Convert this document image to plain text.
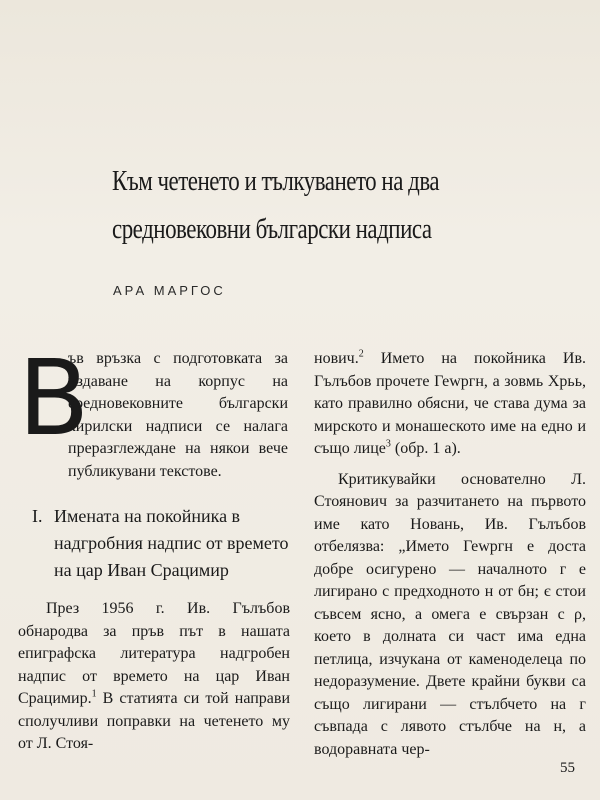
Към четенето и тълкуването на два
средновековни български надписа
АРА МАРГОС
В

ъв връзка с подготовката за издаване на корпус на средновековните български кирилски надписи се налага преразглеждане на някои вече публикувани текстове.

I. Имената на покойника в надгробния надпис от времето на цар Иван Срацимир

През 1956 г. Ив. Гълъбов обнародва за пръв път в нашата епиграфска литература надгробен надпис от времето на цар Иван Срацимир.$^1$ В статията си той направи сполучливи поправки на четенето му от Л. Стоя-

нович.$^2$ Името на покойника Ив. Гълъбов прочете Геwргн, а зовмь Хрьь, като правилно обясни, че става дума за мирското и монашеското име на едно и също лице$^3$ (обр. 1 а).

Критикувайки основателно Л. Стоянович за разчитането на първото име като Новань, Ив. Гълъбов отбелязва: „Името Геwргн е доста добре осигурено — началното г е лигирано с предходното н от бн; є стои съвсем ясно, а омега е свързан с ρ, което в долната си част има една петлица, изчукана от каменоделеца по недоразумение. Двете крайни букви са също лигирани — стълбчето на г съвпада с лявото стълбче на н, а водоравната чер-

55
